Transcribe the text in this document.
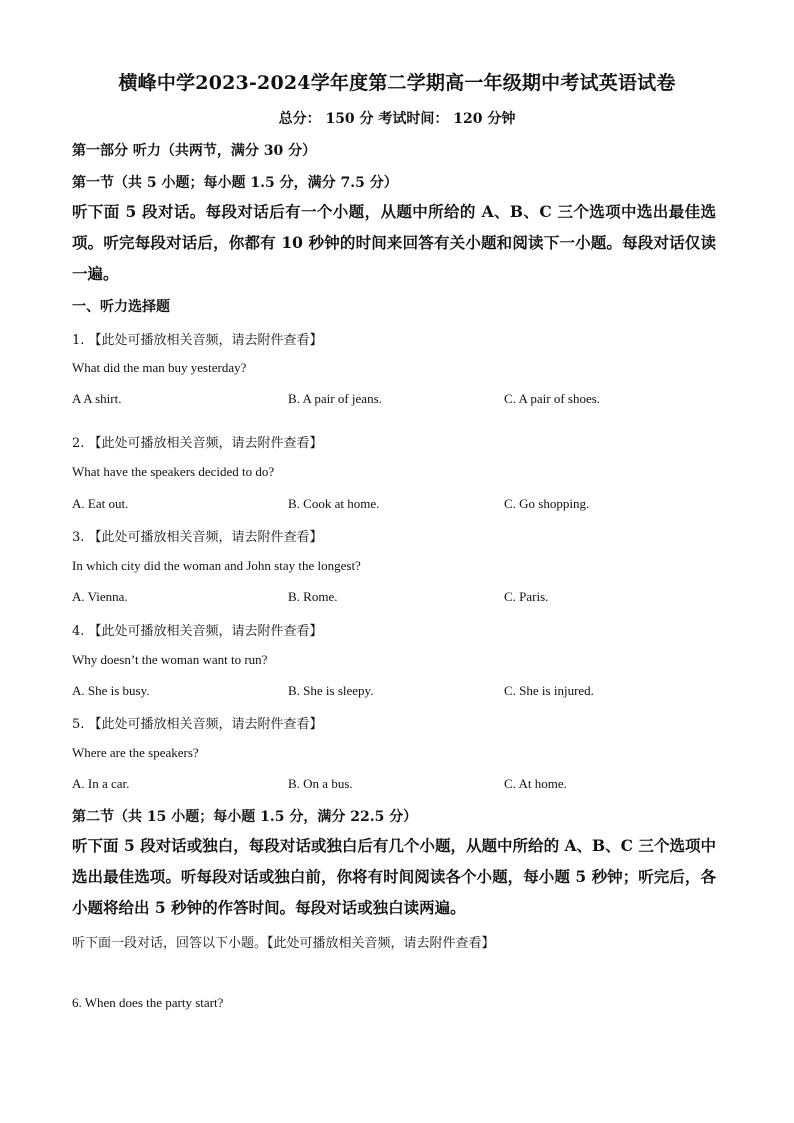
横峰中学2023-2024学年度第二学期高一年级期中考试英语试卷
总分： 150 分 考试时间： 120 分钟
第一部分 听力（共两节，满分 30 分）
第一节（共 5 小题；每小题 1.5 分，满分 7.5 分）
听下面 5 段对话。每段对话后有一个小题，从题中所给的 A、B、C 三个选项中选出最佳选项。听完每段对话后，你都有 10 秒钟的时间来回答有关小题和阅读下一小题。每段对话仅读一遍。
一、听力选择题
1. 【此处可播放相关音频，请去附件查看】
What did the man buy yesterday?
A A shirt.	B. A pair of jeans.	C. A pair of shoes.
2. 【此处可播放相关音频，请去附件查看】
What have the speakers decided to do?
A. Eat out.	B. Cook at home.	C. Go shopping.
3. 【此处可播放相关音频，请去附件查看】
In which city did the woman and John stay the longest?
A. Vienna.	B. Rome.	C. Paris.
4. 【此处可播放相关音频，请去附件查看】
Why doesn’t the woman want to run?
A. She is busy.	B. She is sleepy.	C. She is injured.
5. 【此处可播放相关音频，请去附件查看】
Where are the speakers?
A. In a car.	B. On a bus.	C. At home.
第二节（共 15 小题；每小题 1.5 分，满分 22.5 分）
听下面 5 段对话或独白，每段对话或独白后有几个小题，从题中所给的 A、B、C 三个选项中选出最佳选项。听每段对话或独白前，你将有时间阅读各个小题，每小题 5 秒钟；听完后，各小题将给出 5 秒钟的作答时间。每段对话或独白读两遍。
听下面一段对话，回答以下小题。【此处可播放相关音频，请去附件查看】
6. When does the party start?
